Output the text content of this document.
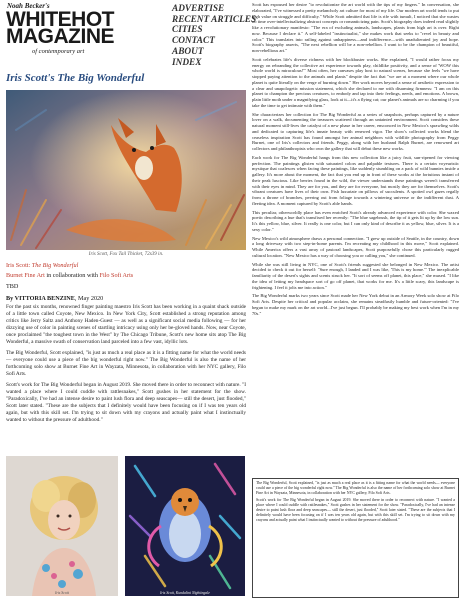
Noah Becker's
WHITEHOT
MAGAZINE
of contemporary art
ADVERTISE
RECENT ARTICLES
CITIES
CONTACT
ABOUT
INDEX
Iris Scott's The Big Wonderful
Iris Scott, Fox Tail Thicket, 72x39 in.
Iris Scott: The Big Wonderful
Burnet Fine Art in collaboration with Filo Sofi Arts
TBD
By VITTORIA BENZINE, May 2020

For the past six months, renowned finger painting maestro Iris Scott has been working in a quaint shack outside of a little town called Coyote, New Mexico. In New York City, Scott established a strong reputation among critics like Jerry Saltz and Anthony Haden-Guest — as well as a significant social media following — for her dizzying use of color in painting scenes of startling intricacy using only her be-gloved hands. Now, near Coyote, once proclaimed "the toughest town in the West" by The Chicago Tribune, Scott's new home sits atop The Big Wonderful, a massive swath of conservation land parceled into a few vast, idyllic lots.

The Big Wonderful, Scott explained, "is just as much a real place as it is a fitting name for what the world needs— everyone could use a piece of the big wonderful right now." The Big Wonderful is also the name of her forthcoming solo show at Burnet Fine Art in Wayzata, Minnesota, in collaboration with her NYC gallery, Filo Sofi Arts.

Scott's work for The Big Wonderful began in August 2019. She moved there in order to reconnect with nature. "I wanted a place where I could cuddle with rattlesnakes," Scott gushes in her statement for the show. "Paradoxically, I've had an intense desire to paint lush flora and deep seascapes— still the desert, just flooded," Scott later stated. "These are the subjects that I definitely would have been focusing on if I was ten years old again, but with this skill set. I'm trying to sit down with my crayons and actually paint what I instinctually wanted to without the pressure of adulthood."

Iris Scott	Iris Scott, Kundalini Nightingale

Scott has espoused her desire "to revolutionize the art world with the tips of my fingers." In conversation, she elaborated, "I've witnessed a pretty melancholy art culture for most of my life. Our modern art world tends to put high value on struggle and difficulty." While Scott admitted that life is rife with tumult, I noticed that she wastes no time over-intellectualizing abstract concepts or romanticizing pain. Scott's biography does indeed read slightly like a revolutionary manifesto: "The era of excluding animals, landscapes, plants from high art is over. Right now. Because I declare it." A self-labeled "instinctualist," she makes work that seeks to "revel in beauty and color." This translates into railing against unhappiness—and indifference—with unadulterated joy and hope. Scott's biography asserts, "The next rebellion will be a non-rebellion. I want to be the champion of beautiful, non-rebellious art."

Scott celebrates life's diverse richness with her blockbuster works. She explained, "I would rather focus my energy on rebranding the collective art experience towards play, childlike positivity, and a sense of 'WOW this whole world is miraculous!'" Most often, her canvases play host to natural scenes, because she feels "we have stopped paying attention to the animals and plants" despite the fact that "we are at a moment where our whole planet is quite literally on the verge of burning down." Her work moves beyond a sense of aesthetic expression to a clear and unapologetic mission statement, which she declared to me with disarming firmness: "I am on this planet to champion the precious creatures, to embody and tap into their feelings, needs, and emotions. A brown, plain little moth under a magnifying glass, look at it—it's a flying cat; our planet's animals are so charming if you take the time to get intimate with them."

She characterizes her collection for The Big Wonderful as a series of snapshots, perhaps captured by a nature lover on a walk, documenting the treasures scattered through an untainted environment. Scott considers these natural moment still-lives the catalyst of a new phase in her career, ensconced in New Mexico's sprawling wilds and dedicated to capturing life's innate beauty with renewed vigor. The show's collected works blend the ceaseless inspiration Scott has found amongst her animal neighbors with wildlife photography from Peggy Burnet, one of Iris's collectors and friends. Peggy, along with her husband Ralph Burnet, are renowned art collectors and philanthropists who own the gallery that will debut these new works.

Each work for The Big Wonderful hangs from this new collection like a juicy fruit, sun-ripened for viewing perfection. The paintings glisten with saturated colors and palpable textures. There is a certain voyeuristic mystique that coalesces when facing these paintings, like suddenly stumbling on a pack of wild bunnies inside a gallery. It's more about the moment, the fact that you end up in front of these works at the fortuitous instant of their peak luscious. Like berries found in the wild, the viewer understands these paintings weren't transferred with their eyes in mind. They are for you, and they are for everyone, but mostly they are for themselves. Scott's vibrant creatures have lives of their own. Fish luxuriate on pillows of succulents. A spotted owl gazes regally from a throne of branches, peering out from foliage towards a wintering universe or the indifferent dust. A fleeting idea. A moment captured by Scott's able hands.

This peculiar, otherworldly place has even enriched Scott's already advanced experience with color. She waxed poetic describing a hue that's transfixed her recently: "The blue sagebrush, the tip of it gets lit up by the low sun. It's this yellow, blue, silver. It really is one color, but I can only kind of describe it as yellow, blue, silver. It is a sexy color."

New Mexico's wild atmosphere draws a personal connection. "I grew up outside of Seattle, in the country, down a long driveway with two step-in-home parents. I'm recreating my childhood in this move," Scott explained. While America offers a vast array of pastoral landscapes, Scott purposefully chose this particularly rugged cultural location. "New Mexico has a way of choosing you or calling you," she continued.

While she was still living in NYC, one of Scott's friends suggested she belonged in New Mexico. The artist decided to check it out for herself: "Sure enough, I landed and I was like, 'This is my home.'" The inexplicable familiarity of the desert's sights and scents struck her. "It sort of seems off planet, this place," she mused. "I like the idea of letting my headspace sort of go off planet, that works for me. It's a little scary, this landscape is frightening. I feel it jolts me into action."

The Big Wonderful marks two years since Scott made her New York debut in an Armory Week solo show at Filo Sofi Arts. Despite her critical and popular acclaim, she remains steadfastly humble and future-oriented: "I've begun to make my mark on the art world...I've just begun. I'll probably be making my best work when I'm in my 70s."

The Big Wonderful, Scott explained, "is just as much a real place as it is a fitting name for what the world needs— everyone could use a piece of the big wonderful right now." The Big Wonderful is also the name of her forthcoming solo show at Burnet Fine Art in Wayzata, Minnesota, in collaboration with her NYC gallery, Filo Sofi Arts.

Scott's work for The Big Wonderful began in August 2019. She moved there in order to reconnect with nature. "I wanted a place where I could cuddle with rattlesnakes," Scott gushes in her statement for the show. "Paradoxically, I've had an intense desire to paint lush flora and deep seascapes— still the desert, just flooded," Scott later stated. "These are the subjects that I definitely would have been focusing on if I was ten years old again, but with this skill set. I'm trying to sit down with my crayons and actually paint what I instinctually wanted to without the pressure of adulthood."
